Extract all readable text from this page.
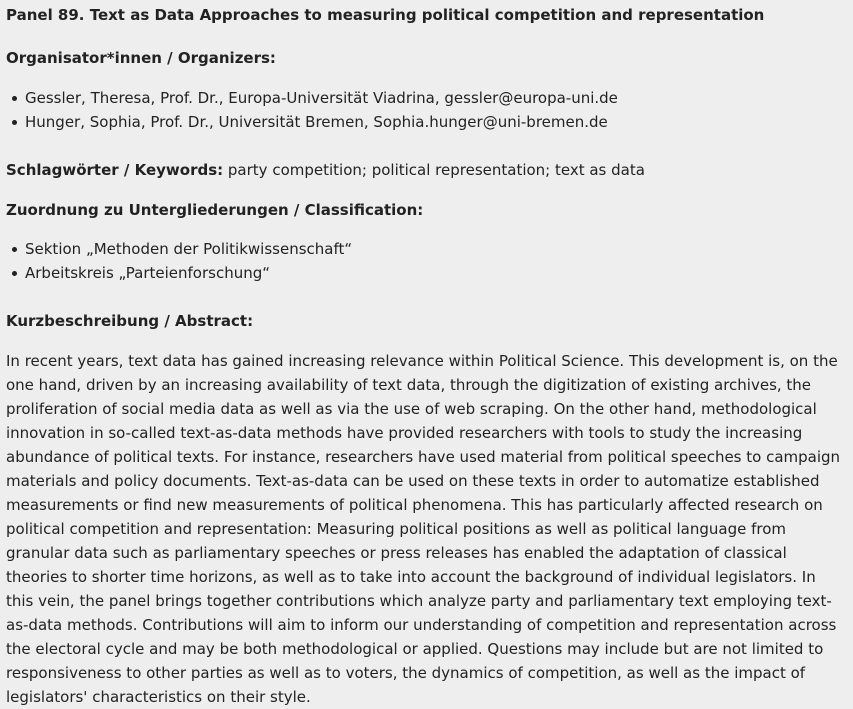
Panel 89. Text as Data Approaches to measuring political competition and representation

Organisator*innen / Organizers:

Gessler, Theresa, Prof. Dr., Europa-Universität Viadrina, gessler@europa-uni.de
Hunger, Sophia, Prof. Dr., Universität Bremen, Sophia.hunger@uni-bremen.de

Schlagwörter / Keywords: party competition; political representation; text as data

Zuordnung zu Untergliederungen / Classification:

Sektion „Methoden der Politikwissenschaft“
Arbeitskreis „Parteienforschung“

Kurzbeschreibung / Abstract:

In recent years, text data has gained increasing relevance within Political Science. This development is, on the one hand, driven by an increasing availability of text data, through the digitization of existing archives, the proliferation of social media data as well as via the use of web scraping. On the other hand, methodological innovation in so-called text-as-data methods have provided researchers with tools to study the increasing abundance of political texts. For instance, researchers have used material from political speeches to campaign materials and policy documents. Text-as-data can be used on these texts in order to automatize established measurements or find new measurements of political phenomena. This has particularly affected research on political competition and representation: Measuring political positions as well as political language from granular data such as parliamentary speeches or press releases has enabled the adaptation of classical theories to shorter time horizons, as well as to take into account the background of individual legislators. In this vein, the panel brings together contributions which analyze party and parliamentary text employing text-as-data methods. Contributions will aim to inform our understanding of competition and representation across the electoral cycle and may be both methodological or applied. Questions may include but are not limited to responsiveness to other parties as well as to voters, the dynamics of competition, as well as the impact of legislators' characteristics on their style.
